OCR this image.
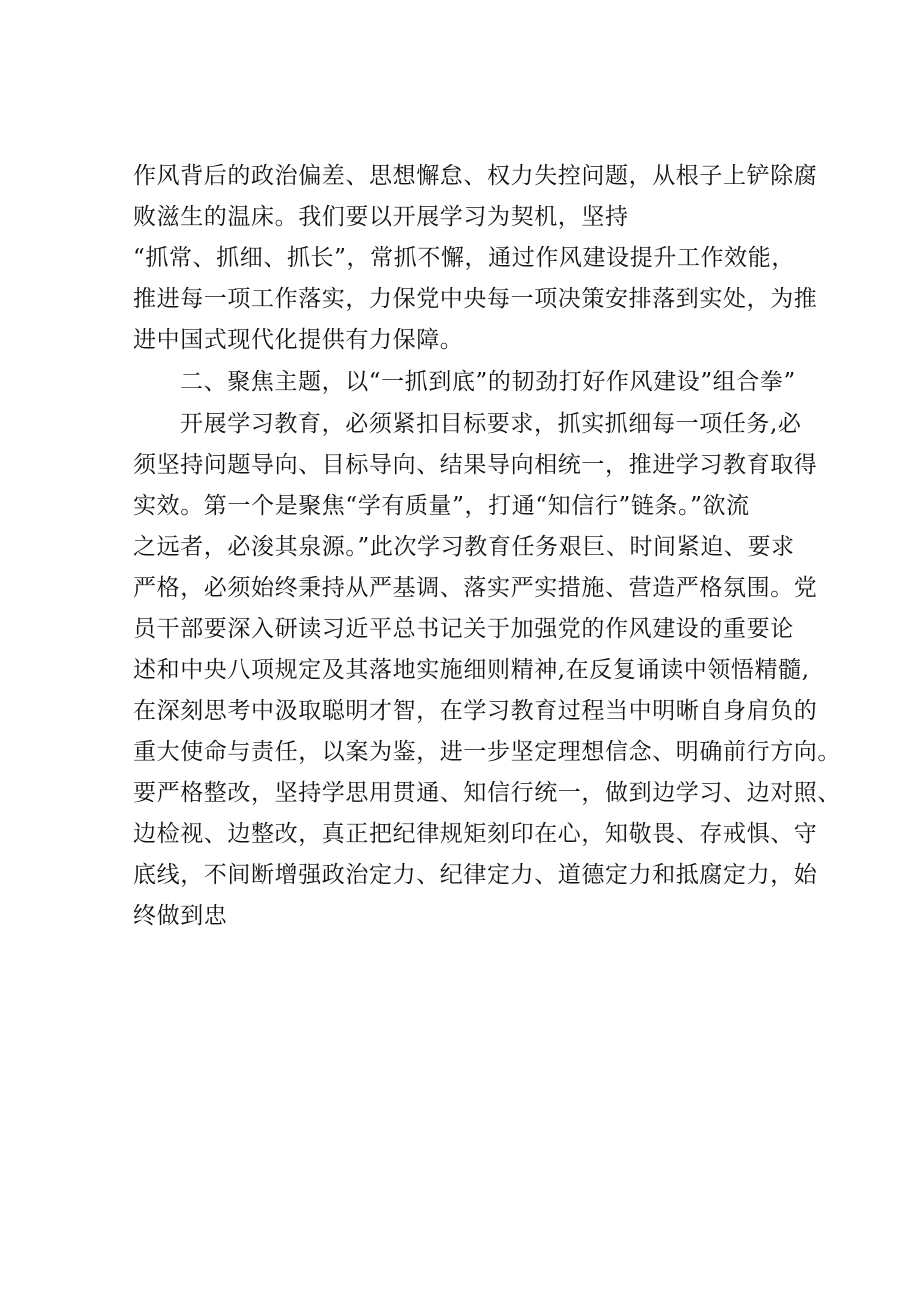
作风背后的政治偏差、思想懈怠、权力失控问题，从根子上铲除腐
败滋生的温床。我们要以开展学习为契机，坚持
“抓常、抓细、抓长”，常抓不懈，通过作风建设提升工作效能，
推进每一项工作落实，力保党中央每一项决策安排落到实处，为推
进中国式现代化提供有力保障。
二、聚焦主题，以“一抓到底”的韧劲打好作风建设”组合拳”
开展学习教育，必须紧扣目标要求，抓实抓细每一项任务,必
须坚持问题导向、目标导向、结果导向相统一，推进学习教育取得
实效。第一个是聚焦“学有质量”，打通“知信行”链条。”欲流
之远者，必浚其泉源。”此次学习教育任务艰巨、时间紧迫、要求
严格，必须始终秉持从严基调、落实严实措施、营造严格氛围。党
员干部要深入研读习近平总书记关于加强党的作风建设的重要论
述和中央八项规定及其落地实施细则精神,在反复诵读中领悟精髓,
在深刻思考中汲取聪明才智，在学习教育过程当中明晰自身肩负的
重大使命与责任，以案为鉴，进一步坚定理想信念、明确前行方向。
要严格整改，坚持学思用贯通、知信行统一，做到边学习、边对照、
边检视、边整改，真正把纪律规矩刻印在心，知敬畏、存戒惧、守
底线，不间断增强政治定力、纪律定力、道德定力和抵腐定力，始
终做到忠
